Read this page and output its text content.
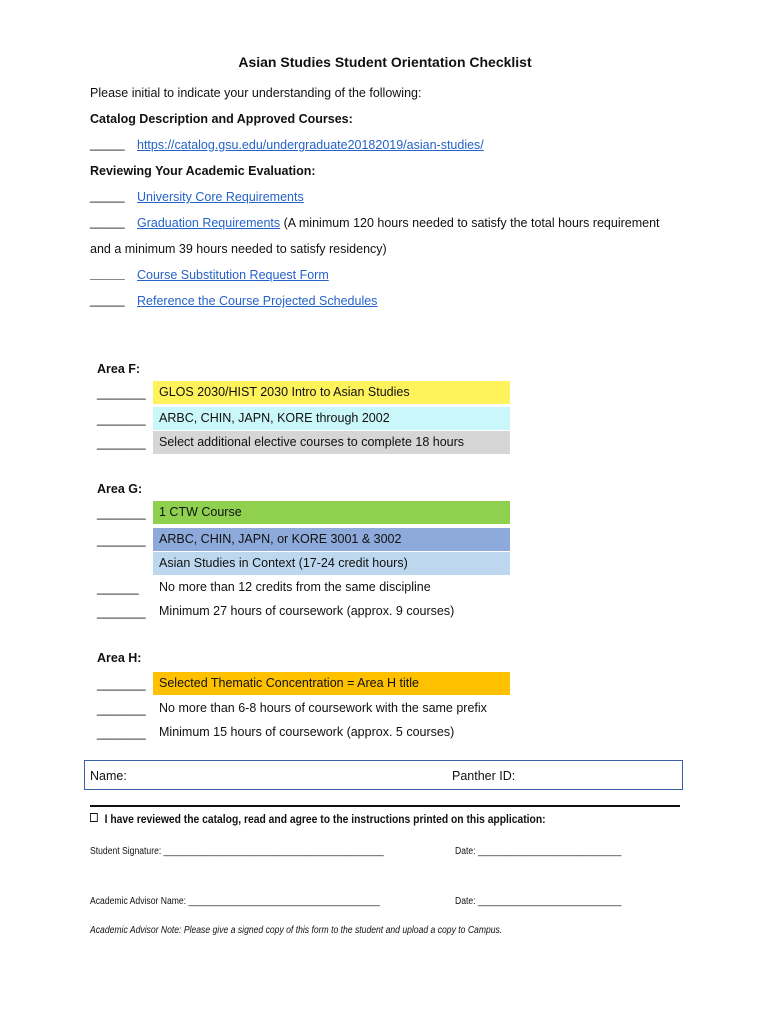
Asian Studies Student Orientation Checklist
Please initial to indicate your understanding of the following:
Catalog Description and Approved Courses:
_____ https://catalog.gsu.edu/undergraduate20182019/asian-studies/
Reviewing Your Academic Evaluation:
_____ University Core Requirements
_____ Graduation Requirements (A minimum 120 hours needed to satisfy the total hours requirement
and a minimum 39 hours needed to satisfy residency)
_____ Course Substitution Request Form
_____ Reference the Course Projected Schedules
Area F:
_______	GLOS 2030/HIST 2030 Intro to Asian Studies
_______	ARBC, CHIN, JAPN, KORE through 2002
_______	Select additional elective courses to complete 18 hours
Area G:
_______	1 CTW Course
_______	ARBC, CHIN, JAPN, or KORE 3001 & 3002
Asian Studies in Context (17-24 credit hours)
______	No more than 12 credits from the same discipline
_______	Minimum 27 hours of coursework (approx. 9 courses)
Area H:
_______	Selected Thematic Concentration = Area H title
_______	No more than 6-8 hours of coursework with the same prefix
_______	Minimum 15 hours of coursework (approx. 5 courses)
Name:	Panther ID:
I have reviewed the catalog, read and agree to the instructions printed on this application:
Student Signature: ______________________________________________	Date: ______________________________
Academic Advisor Name: ________________________________________	Date: ______________________________
Academic Advisor Note: Please give a signed copy of this form to the student and upload a copy to Campus.
